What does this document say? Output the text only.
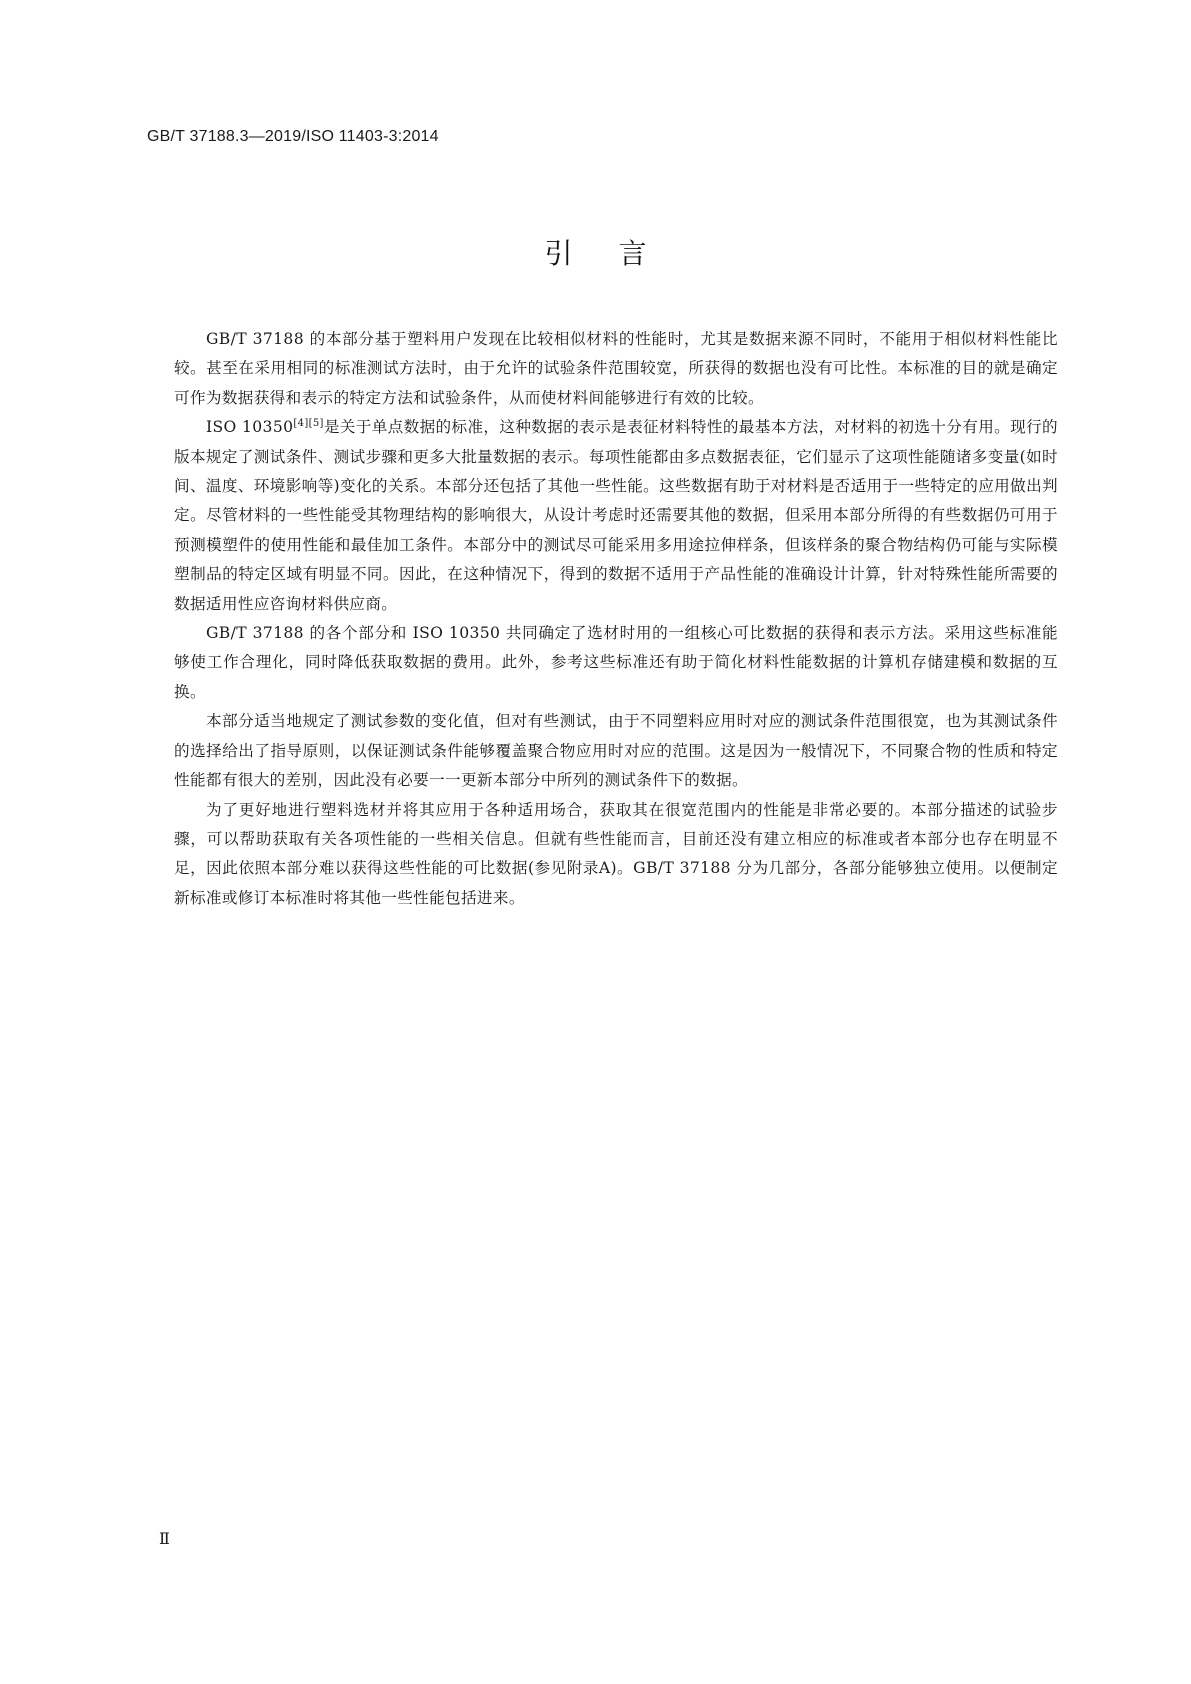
GB/T 37188.3—2019/ISO 11403-3:2014
引言

GB/T 37188 的本部分基于塑料用户发现在比较相似材料的性能时，尤其是数据来源不同时，不能用于相似材料性能比较。甚至在采用相同的标准测试方法时，由于允许的试验条件范围较宽，所获得的数据也没有可比性。本标准的目的就是确定可作为数据获得和表示的特定方法和试验条件，从而使材料间能够进行有效的比较。

ISO 10350[4][5]是关于单点数据的标准，这种数据的表示是表征材料特性的最基本方法，对材料的初选十分有用。现行的版本规定了测试条件、测试步骤和更多大批量数据的表示。每项性能都由多点数据表征，它们显示了这项性能随诸多变量(如时间、温度、环境影响等)变化的关系。本部分还包括了其他一些性能。这些数据有助于对材料是否适用于一些特定的应用做出判定。尽管材料的一些性能受其物理结构的影响很大，从设计考虑时还需要其他的数据，但采用本部分所得的有些数据仍可用于预测模塑件的使用性能和最佳加工条件。本部分中的测试尽可能采用多用途拉伸样条，但该样条的聚合物结构仍可能与实际模塑制品的特定区域有明显不同。因此，在这种情况下，得到的数据不适用于产品性能的准确设计计算，针对特殊性能所需要的数据适用性应咨询材料供应商。

GB/T 37188 的各个部分和 ISO 10350 共同确定了选材时用的一组核心可比数据的获得和表示方法。采用这些标准能够使工作合理化，同时降低获取数据的费用。此外，参考这些标准还有助于简化材料性能数据的计算机存储建模和数据的互换。

本部分适当地规定了测试参数的变化值，但对有些测试，由于不同塑料应用时对应的测试条件范围很宽，也为其测试条件的选择给出了指导原则，以保证测试条件能够覆盖聚合物应用时对应的范围。这是因为一般情况下，不同聚合物的性质和特定性能都有很大的差别，因此没有必要一一更新本部分中所列的测试条件下的数据。

为了更好地进行塑料选材并将其应用于各种适用场合，获取其在很宽范围内的性能是非常必要的。本部分描述的试验步骤，可以帮助获取有关各项性能的一些相关信息。但就有些性能而言，目前还没有建立相应的标准或者本部分也存在明显不足，因此依照本部分难以获得这些性能的可比数据(参见附录A)。GB/T 37188 分为几部分，各部分能够独立使用。以便制定新标准或修订本标准时将其他一些性能包括进来。

Ⅱ
